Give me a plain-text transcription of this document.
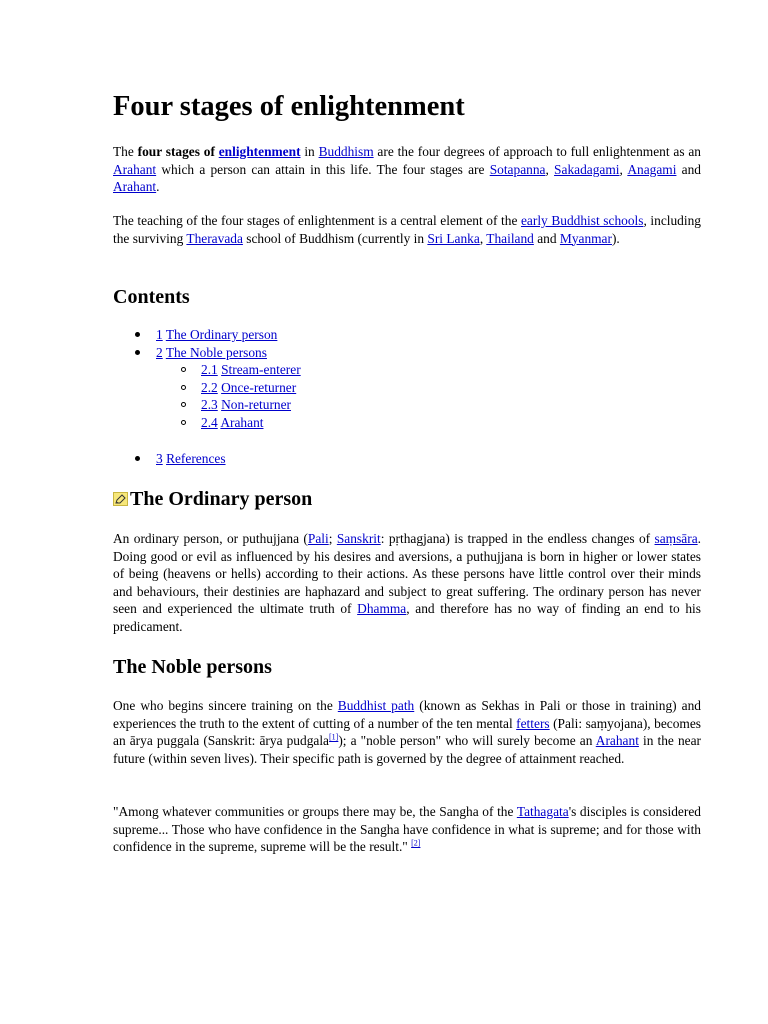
Four stages of enlightenment

The four stages of enlightenment in Buddhism are the four degrees of approach to full enlightenment as an Arahant which a person can attain in this life. The four stages are Sotapanna, Sakadagami, Anagami and Arahant.

The teaching of the four stages of enlightenment is a central element of the early Buddhist schools, including the surviving Theravada school of Buddhism (currently in Sri Lanka, Thailand and Myanmar).

Contents
1 The Ordinary person
2 The Noble persons
2.1 Stream-enterer
2.2 Once-returner
2.3 Non-returner
2.4 Arahant
3 References
The Ordinary person

An ordinary person, or puthujjana (Pali; Sanskrit: pṛthagjana) is trapped in the endless changes of saṃsāra. Doing good or evil as influenced by his desires and aversions, a puthujjana is born in higher or lower states of being (heavens or hells) according to their actions. As these persons have little control over their minds and behaviours, their destinies are haphazard and subject to great suffering. The ordinary person has never seen and experienced the ultimate truth of Dhamma, and therefore has no way of finding an end to his predicament.

The Noble persons

One who begins sincere training on the Buddhist path (known as Sekhas in Pali or those in training) and experiences the truth to the extent of cutting of a number of the ten mental fetters (Pali: saṃyojana), becomes an ārya puggala (Sanskrit: ārya pudgala[1]); a "noble person" who will surely become an Arahant in the near future (within seven lives). Their specific path is governed by the degree of attainment reached.

"Among whatever communities or groups there may be, the Sangha of the Tathagata's disciples is considered supreme... Those who have confidence in the Sangha have confidence in what is supreme; and for those with confidence in the supreme, supreme will be the result." [2]
